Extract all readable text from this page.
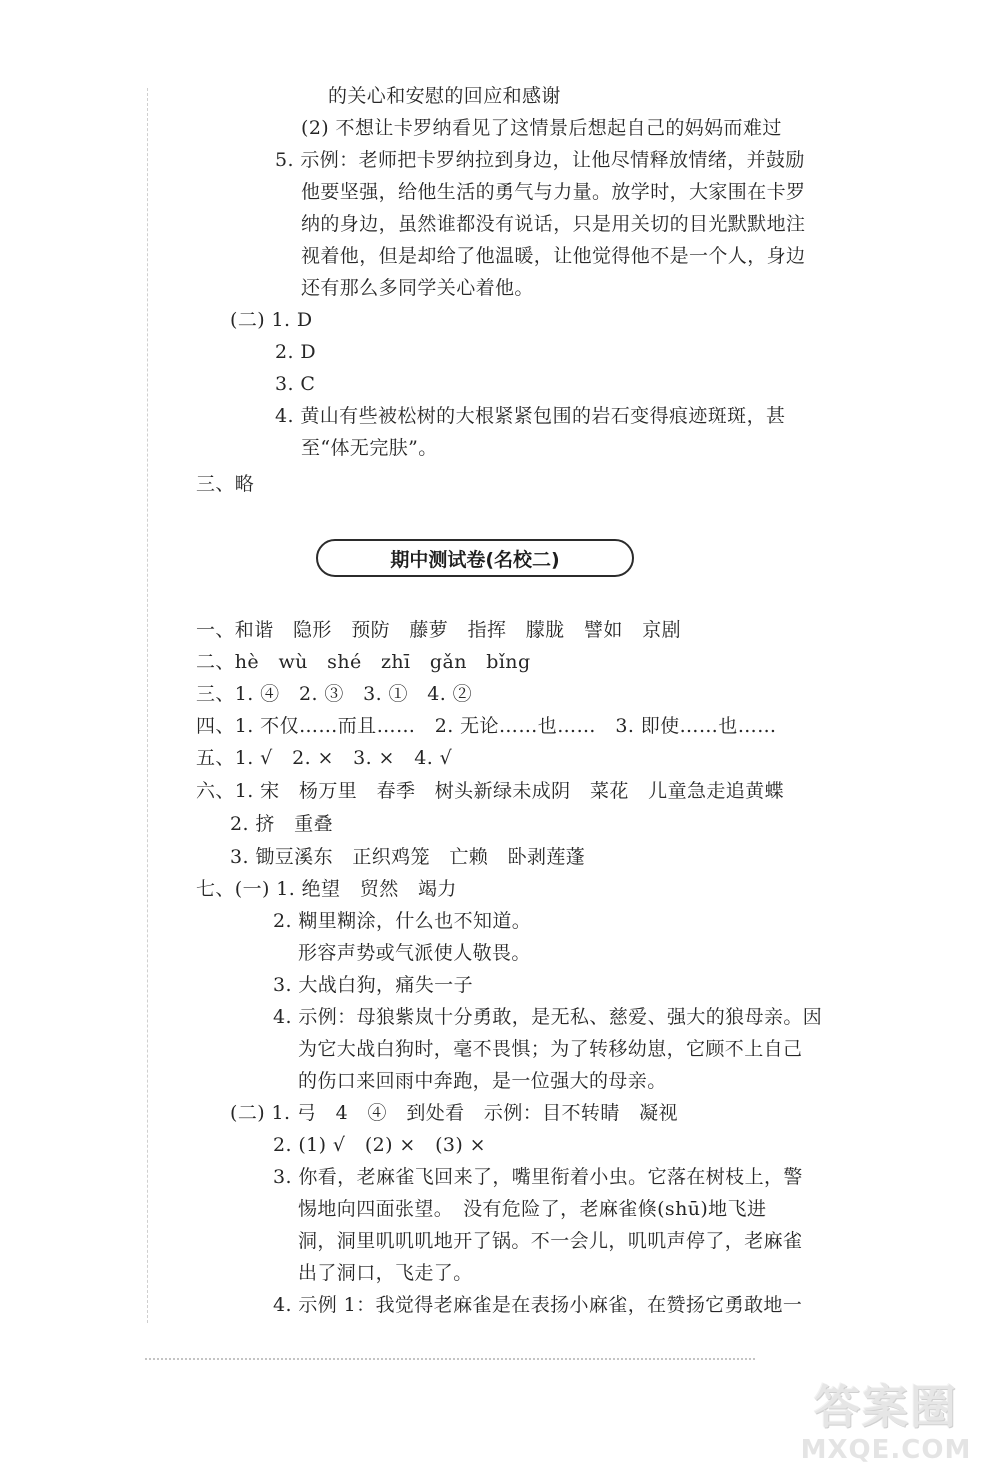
的关心和安慰的回应和感谢
(2) 不想让卡罗纳看见了这情景后想起自己的妈妈而难过
5. 示例：老师把卡罗纳拉到身边，让他尽情释放情绪，并鼓励
他要坚强，给他生活的勇气与力量。放学时，大家围在卡罗
纳的身边，虽然谁都没有说话，只是用关切的目光默默地注
视着他，但是却给了他温暖，让他觉得他不是一个人，身边
还有那么多同学关心着他。
(二) 1. D
2. D
3. C
4. 黄山有些被松树的大根紧紧包围的岩石变得痕迹斑斑，甚
至“体无完肤”。
三、略
期中测试卷(名校二)
一、和谐　隐形　预防　藤萝　指挥　朦胧　譬如　京剧
二、hè　wù　shé　zhī　gǎn　bǐng
三、1. ④　2. ③　3. ①　4. ②
四、1. 不仅……而且……　2. 无论……也……　3. 即使……也……
五、1. √　2. ×　3. ×　4. √
六、1. 宋　杨万里　春季　树头新绿未成阴　菜花　儿童急走追黄蝶
2. 挤　重叠
3. 锄豆溪东　正织鸡笼　亡赖　卧剥莲蓬
七、(一) 1. 绝望　贸然　竭力
2. 糊里糊涂，什么也不知道。
形容声势或气派使人敬畏。
3. 大战白狗，痛失一子
4. 示例：母狼紫岚十分勇敢，是无私、慈爱、强大的狼母亲。因
为它大战白狗时，毫不畏惧；为了转移幼崽，它顾不上自己
的伤口来回雨中奔跑，是一位强大的母亲。
(二) 1. 弓　4　④　到处看　示例：目不转睛　凝视
2. (1) √　(2) ×　(3) ×
3. 你看，老麻雀飞回来了，嘴里衔着小虫。它落在树枝上，警
惕地向四面张望。　没有危险了，老麻雀倏(shū)地飞进
洞，洞里叽叽叽地开了锅。不一会儿，叽叽声停了，老麻雀
出了洞口，飞走了。
4. 示例 1：我觉得老麻雀是在表扬小麻雀，在赞扬它勇敢地一
答案圈
MXQE.COM
